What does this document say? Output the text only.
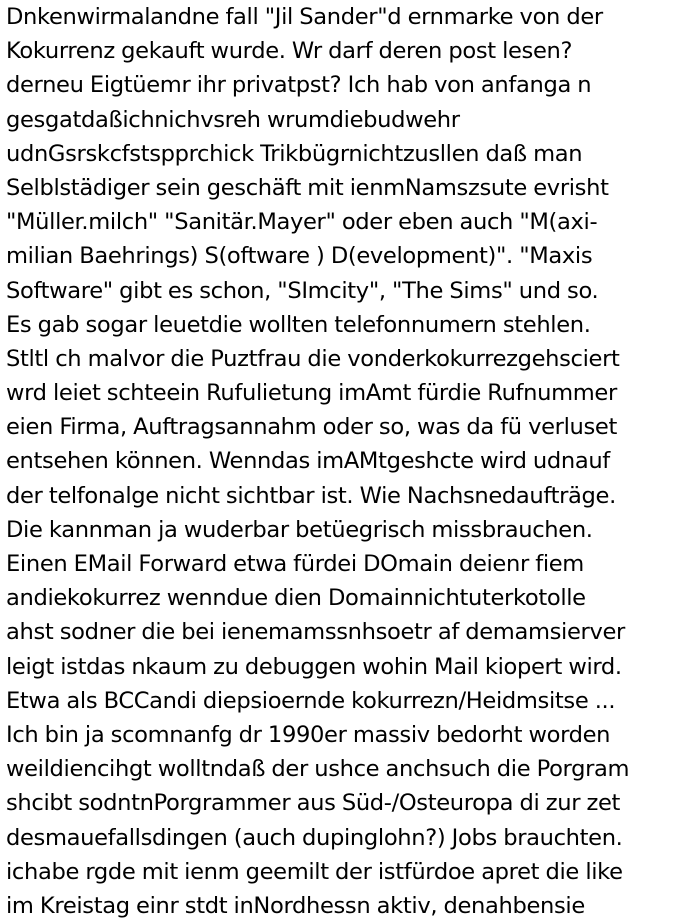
Dnkenwirmalandne fall "Jil Sander"d ernmarke von der
Kokurrenz gekauft wurde. Wr darf deren post lesen?
derneu Eigtüemr ihr privatpst? Ich hab von anfanga n
gesgatdaßichnichvsreh wrumdiebudwehr
udnGsrskcfstspprchick Trikbügrnichtzusllen daß man
Selblstädiger sein geschäft mit ienmNamszsute evrisht
"Müller.milch" "Sanitär.Mayer" oder eben auch "M(axi-
milian Baehrings) S(oftware ) D(evelopment)". "Maxis
Software" gibt es schon, "SImcity", "The Sims" und so.
Es gab sogar leuetdie wollten telefonnumern stehlen.
Stltl ch malvor die Puztfrau die vonderkokurrezgehsciert
wrd leiet schteein Rufulietung imAmt fürdie Rufnummer
eien Firma, Auftragsannahm oder so, was da fü verluset
entsehen können. Wenndas imAMtgeshcte wird udnauf
der telfonalge nicht sichtbar ist. Wie Nachsnedaufträge.
Die kannman ja wuderbar betüegrisch missbrauchen.
Einen EMail Forward etwa fürdei DOmain deienr fiem
andiekokurrez wenndue dien Domainnichtuterkotolle
ahst sodner die bei ienemamssnhsoetr af demamsierver
leigt istdas nkaum zu debuggen wohin Mail kiopert wird.
Etwa als BCCandi diepsioernde kokurrezn/Heidmsitse ...
Ich bin ja scomnanfg dr 1990er massiv bedorht worden
weildiencihgt wolltndaß der ushce anchsuch die Porgram
shcibt sodntnPorgrammer aus Süd-/Osteuropa di zur zet
desmauefallsdingen (auch dupinglohn?) Jobs brauchten.
ichabe rgde mit ienm geemilt der istfürdoe apret die like
im Kreistag einr stdt inNordhessn aktiv, denahbensie
